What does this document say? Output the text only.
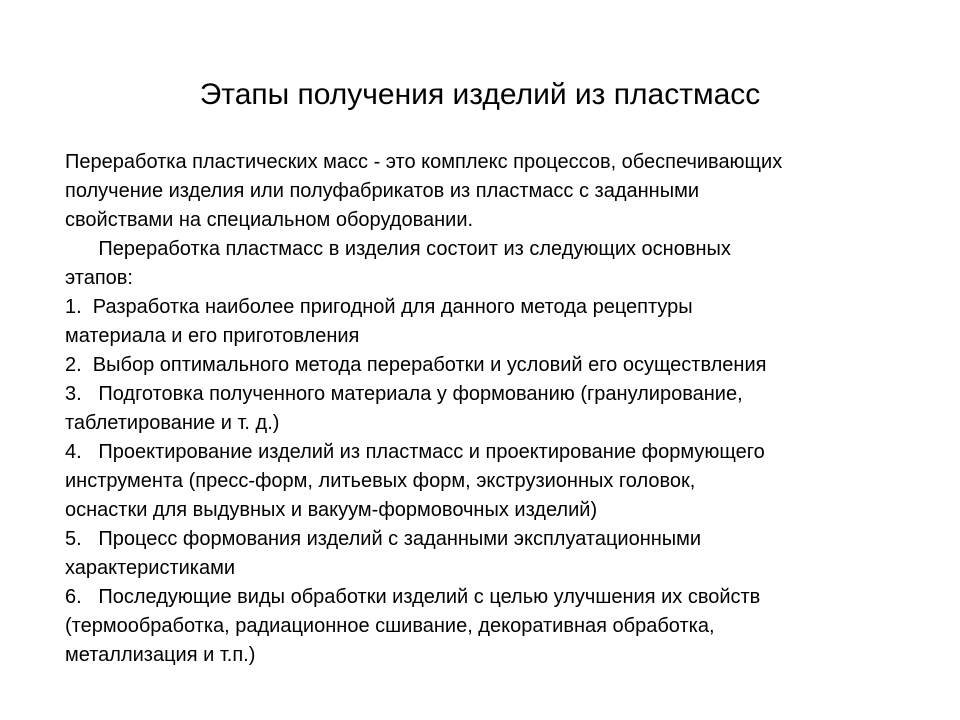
Этапы получения изделий из пластмасс
Переработка пластических масс - это комплекс процессов, обеспечивающих
получение изделия или полуфабрикатов из пластмасс с заданными
свойствами на специальном оборудовании.
Переработка пластмасс в изделия состоит из следующих основных
этапов:
1.  Разработка наиболее пригодной для данного метода рецептуры
материала и его приготовления
2.  Выбор оптимального метода переработки и условий его осуществления
3.   Подготовка полученного материала у формованию (гранулирование,
таблетирование и т. д.)
4.   Проектирование изделий из пластмасс и проектирование формующего
инструмента (пресс-форм, литьевых форм, экструзионных головок,
оснастки для выдувных и вакуум-формовочных изделий)
5.   Процесс формования изделий с заданными эксплуатационными
характеристиками
6.   Последующие виды обработки изделий с целью улучшения их свойств
(термообработка, радиационное сшивание, декоративная обработка,
металлизация и т.п.)
